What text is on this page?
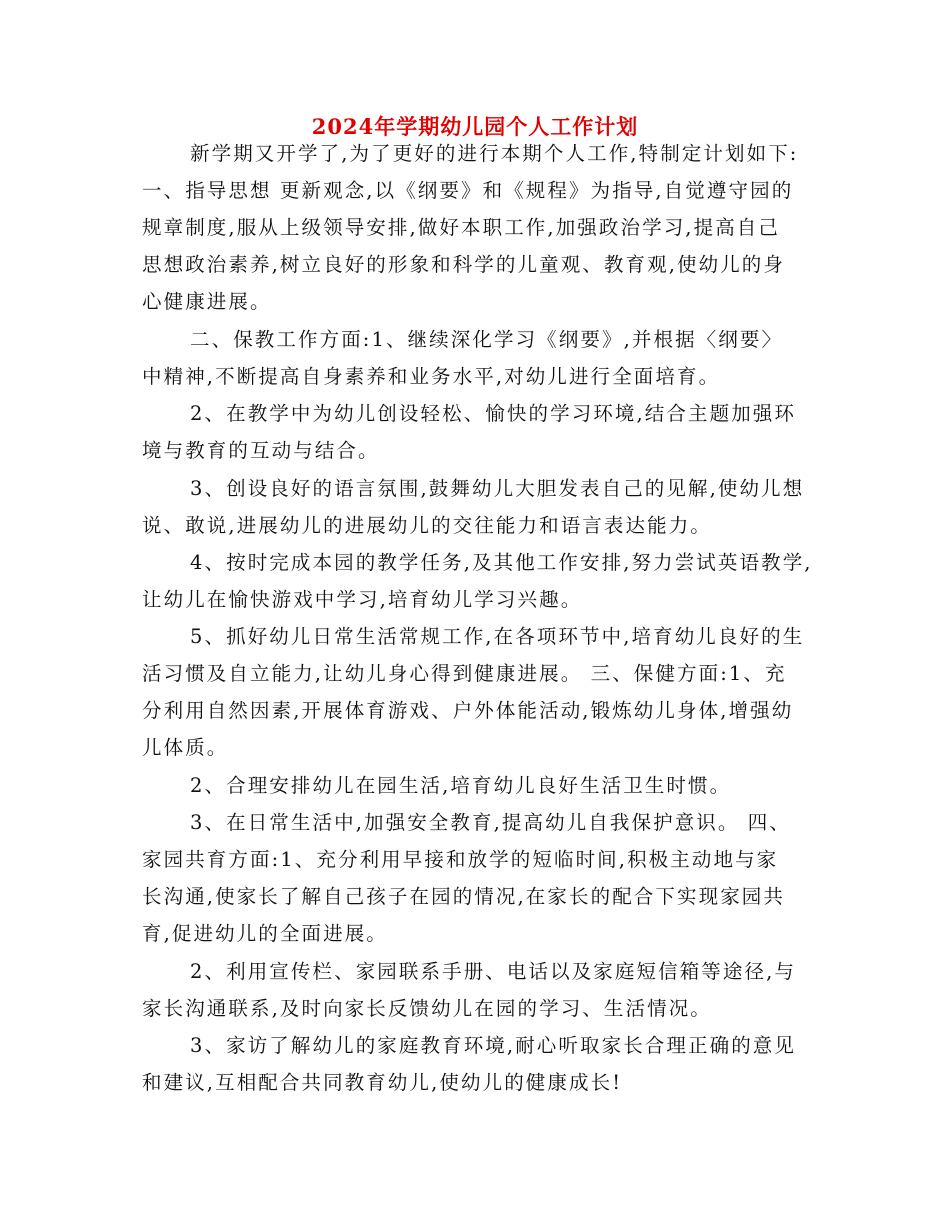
2024年学期幼儿园个人工作计划
新学期又开学了,为了更好的进行本期个人工作,特制定计划如下:
一、指导思想 更新观念,以《纲要》和《规程》为指导,自觉遵守园的
规章制度,服从上级领导安排,做好本职工作,加强政治学习,提高自己
思想政治素养,树立良好的形象和科学的儿童观、教育观,使幼儿的身
心健康进展。
二、保教工作方面:1、继续深化学习《纲要》,并根据〈纲要〉
中精神,不断提高自身素养和业务水平,对幼儿进行全面培育。
2、在教学中为幼儿创设轻松、愉快的学习环境,结合主题加强环
境与教育的互动与结合。
3、创设良好的语言氛围,鼓舞幼儿大胆发表自己的见解,使幼儿想
说、敢说,进展幼儿的进展幼儿的交往能力和语言表达能力。
4、按时完成本园的教学任务,及其他工作安排,努力尝试英语教学,
让幼儿在愉快游戏中学习,培育幼儿学习兴趣。
5、抓好幼儿日常生活常规工作,在各项环节中,培育幼儿良好的生
活习惯及自立能力,让幼儿身心得到健康进展。 三、保健方面:1、充
分利用自然因素,开展体育游戏、户外体能活动,锻炼幼儿身体,增强幼
儿体质。
2、合理安排幼儿在园生活,培育幼儿良好生活卫生时惯。
3、在日常生活中,加强安全教育,提高幼儿自我保护意识。 四、
家园共育方面:1、充分利用早接和放学的短临时间,积极主动地与家
长沟通,使家长了解自己孩子在园的情况,在家长的配合下实现家园共
育,促进幼儿的全面进展。
2、利用宣传栏、家园联系手册、电话以及家庭短信箱等途径,与
家长沟通联系,及时向家长反馈幼儿在园的学习、生活情况。
3、家访了解幼儿的家庭教育环境,耐心听取家长合理正确的意见
和建议,互相配合共同教育幼儿,使幼儿的健康成长!
